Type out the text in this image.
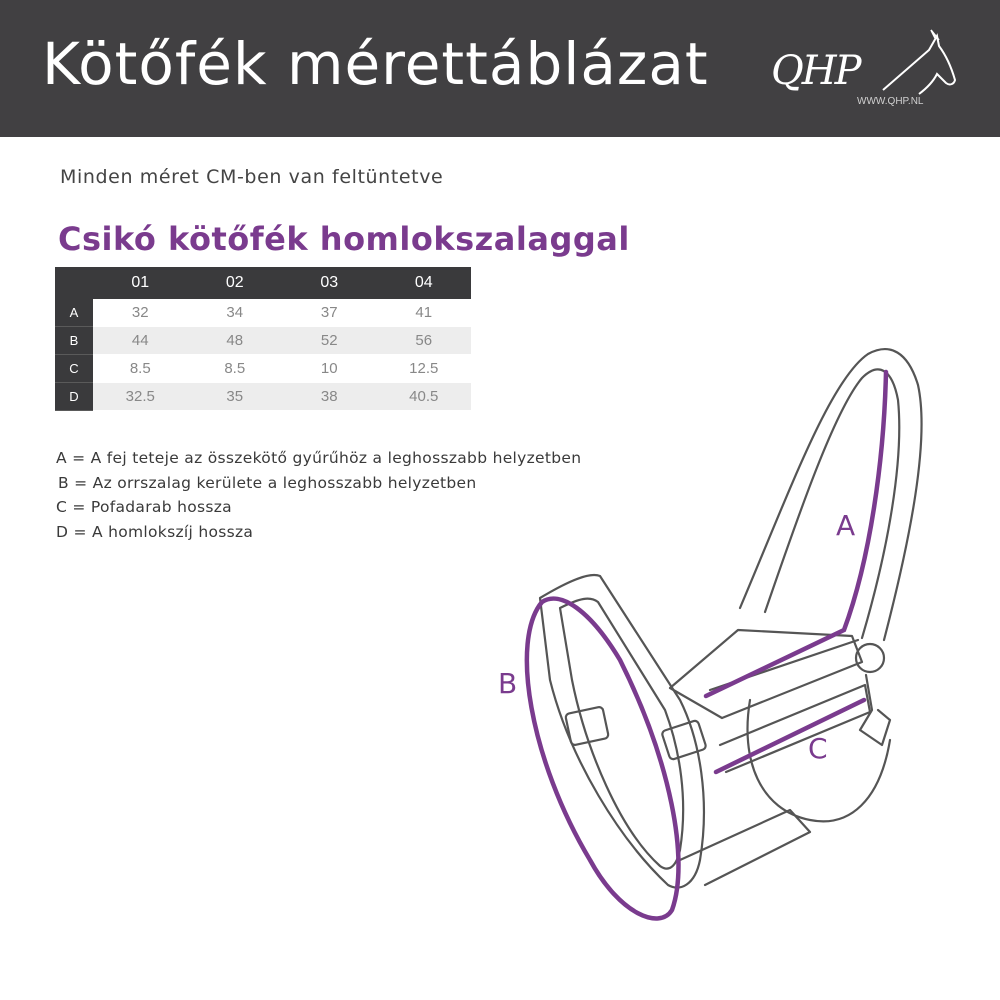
Kötőfék mérettáblázat QHP
WWW.QHP.NL
Minden méret CM-ben van feltüntetve
Csikó kötőfék homlokszalaggal
	01	02	03	04
A	32	34	37	41
B	44	48	52	56
C	8.5	8.5	10	12.5
D	32.5	35	38	40.5
A = A fej teteje az összekötő gyűrűhöz a leghosszabb helyzetben
B = Az orrszalag kerülete a leghosszabb helyzetben
C = Pofadarab hossza
D = A homlokszíj hossza	A
B
C
